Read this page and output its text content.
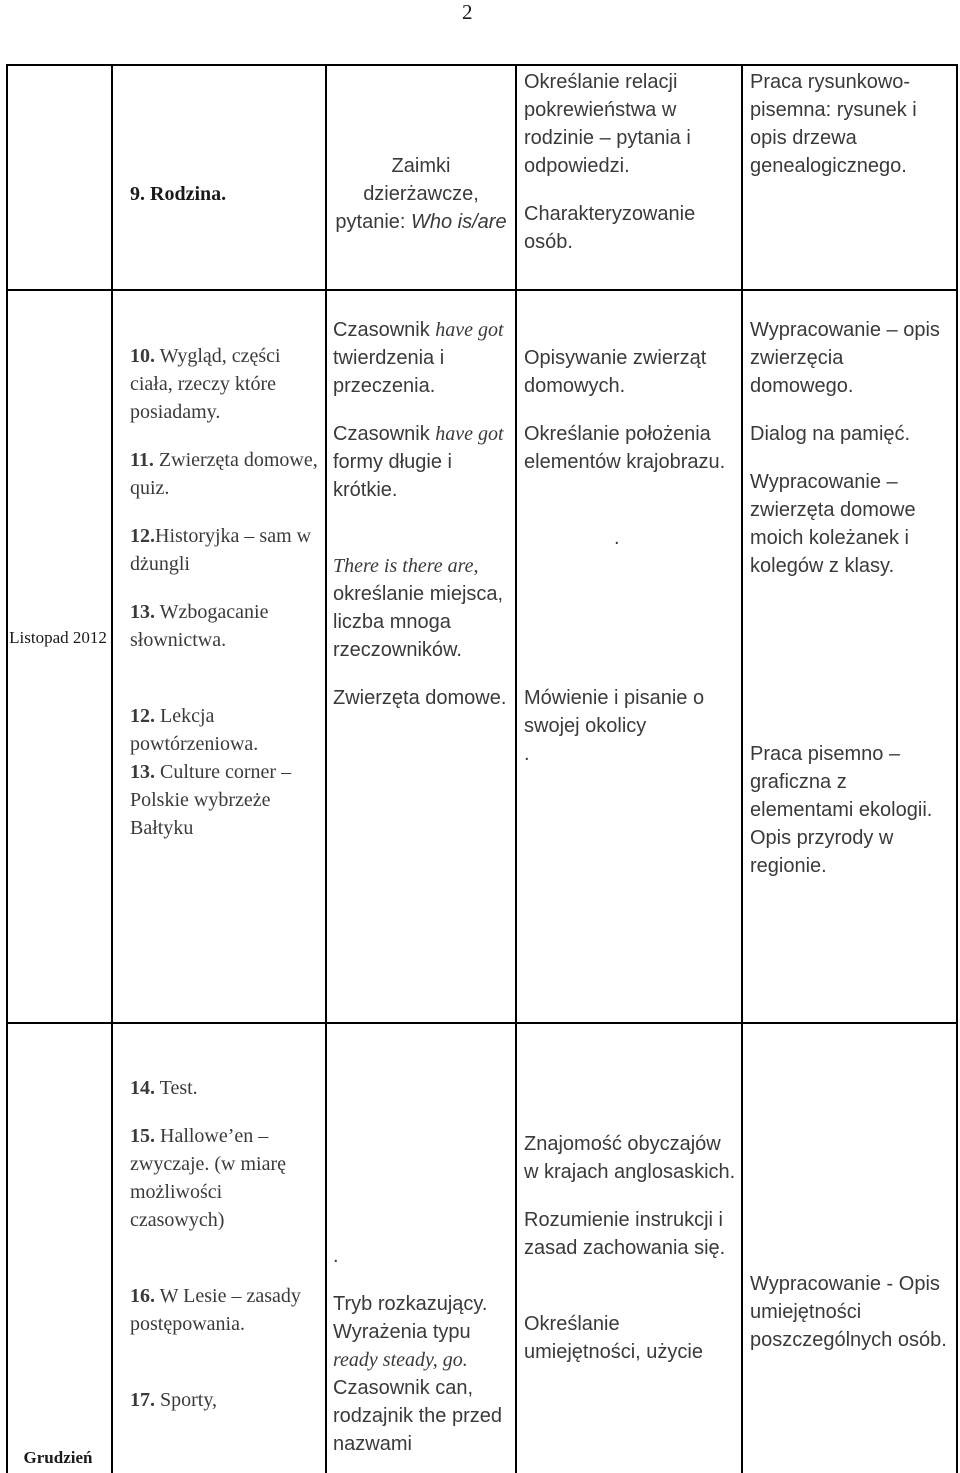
2
9. Rodzina.
Zaimki dzierżawcze, pytanie: Who is/are
Określanie relacji pokrewieństwa w rodzinie – pytania i odpowiedzi.
Charakteryzowanie osób.
Praca rysunkowo-pisemna: rysunek i opis drzewa genealogicznego.
Listopad 2012
10. Wygląd, części ciała, rzeczy które posiadamy.
11. Zwierzęta domowe, quiz.
12.Historyjka – sam w dżungli
13. Wzbogacanie słownictwa.
12. Lekcja powtórzeniowa.
13. Culture corner – Polskie wybrzeże Bałtyku
Czasownik have got twierdzenia i przeczenia.
Czasownik have got formy długie i krótkie.
There is there are, określanie miejsca, liczba mnoga rzeczowników.
Zwierzęta domowe.
Opisywanie zwierząt domowych.
Określanie położenia elementów krajobrazu.
.
Mówienie i pisanie o swojej okolicy
.
Wypracowanie – opis zwierzęcia domowego.
Dialog na pamięć.
Wypracowanie – zwierzęta domowe moich koleżanek i kolegów z klasy.
Praca pisemno – graficzna z elementami ekologii. Opis przyrody w regionie.
Grudzień
14. Test.
15. Hallowe’en – zwyczaje. (w miarę możliwości czasowych)
16. W Lesie – zasady postępowania.
17. Sporty,
.
Tryb rozkazujący. Wyrażenia typu ready steady, go. Czasownik can, rodzajnik the przed nazwami
Znajomość obyczajów w krajach anglosaskich.
Rozumienie instrukcji i zasad zachowania się.
Określanie umiejętności, użycie
Wypracowanie - Opis umiejętności poszczególnych osób.
